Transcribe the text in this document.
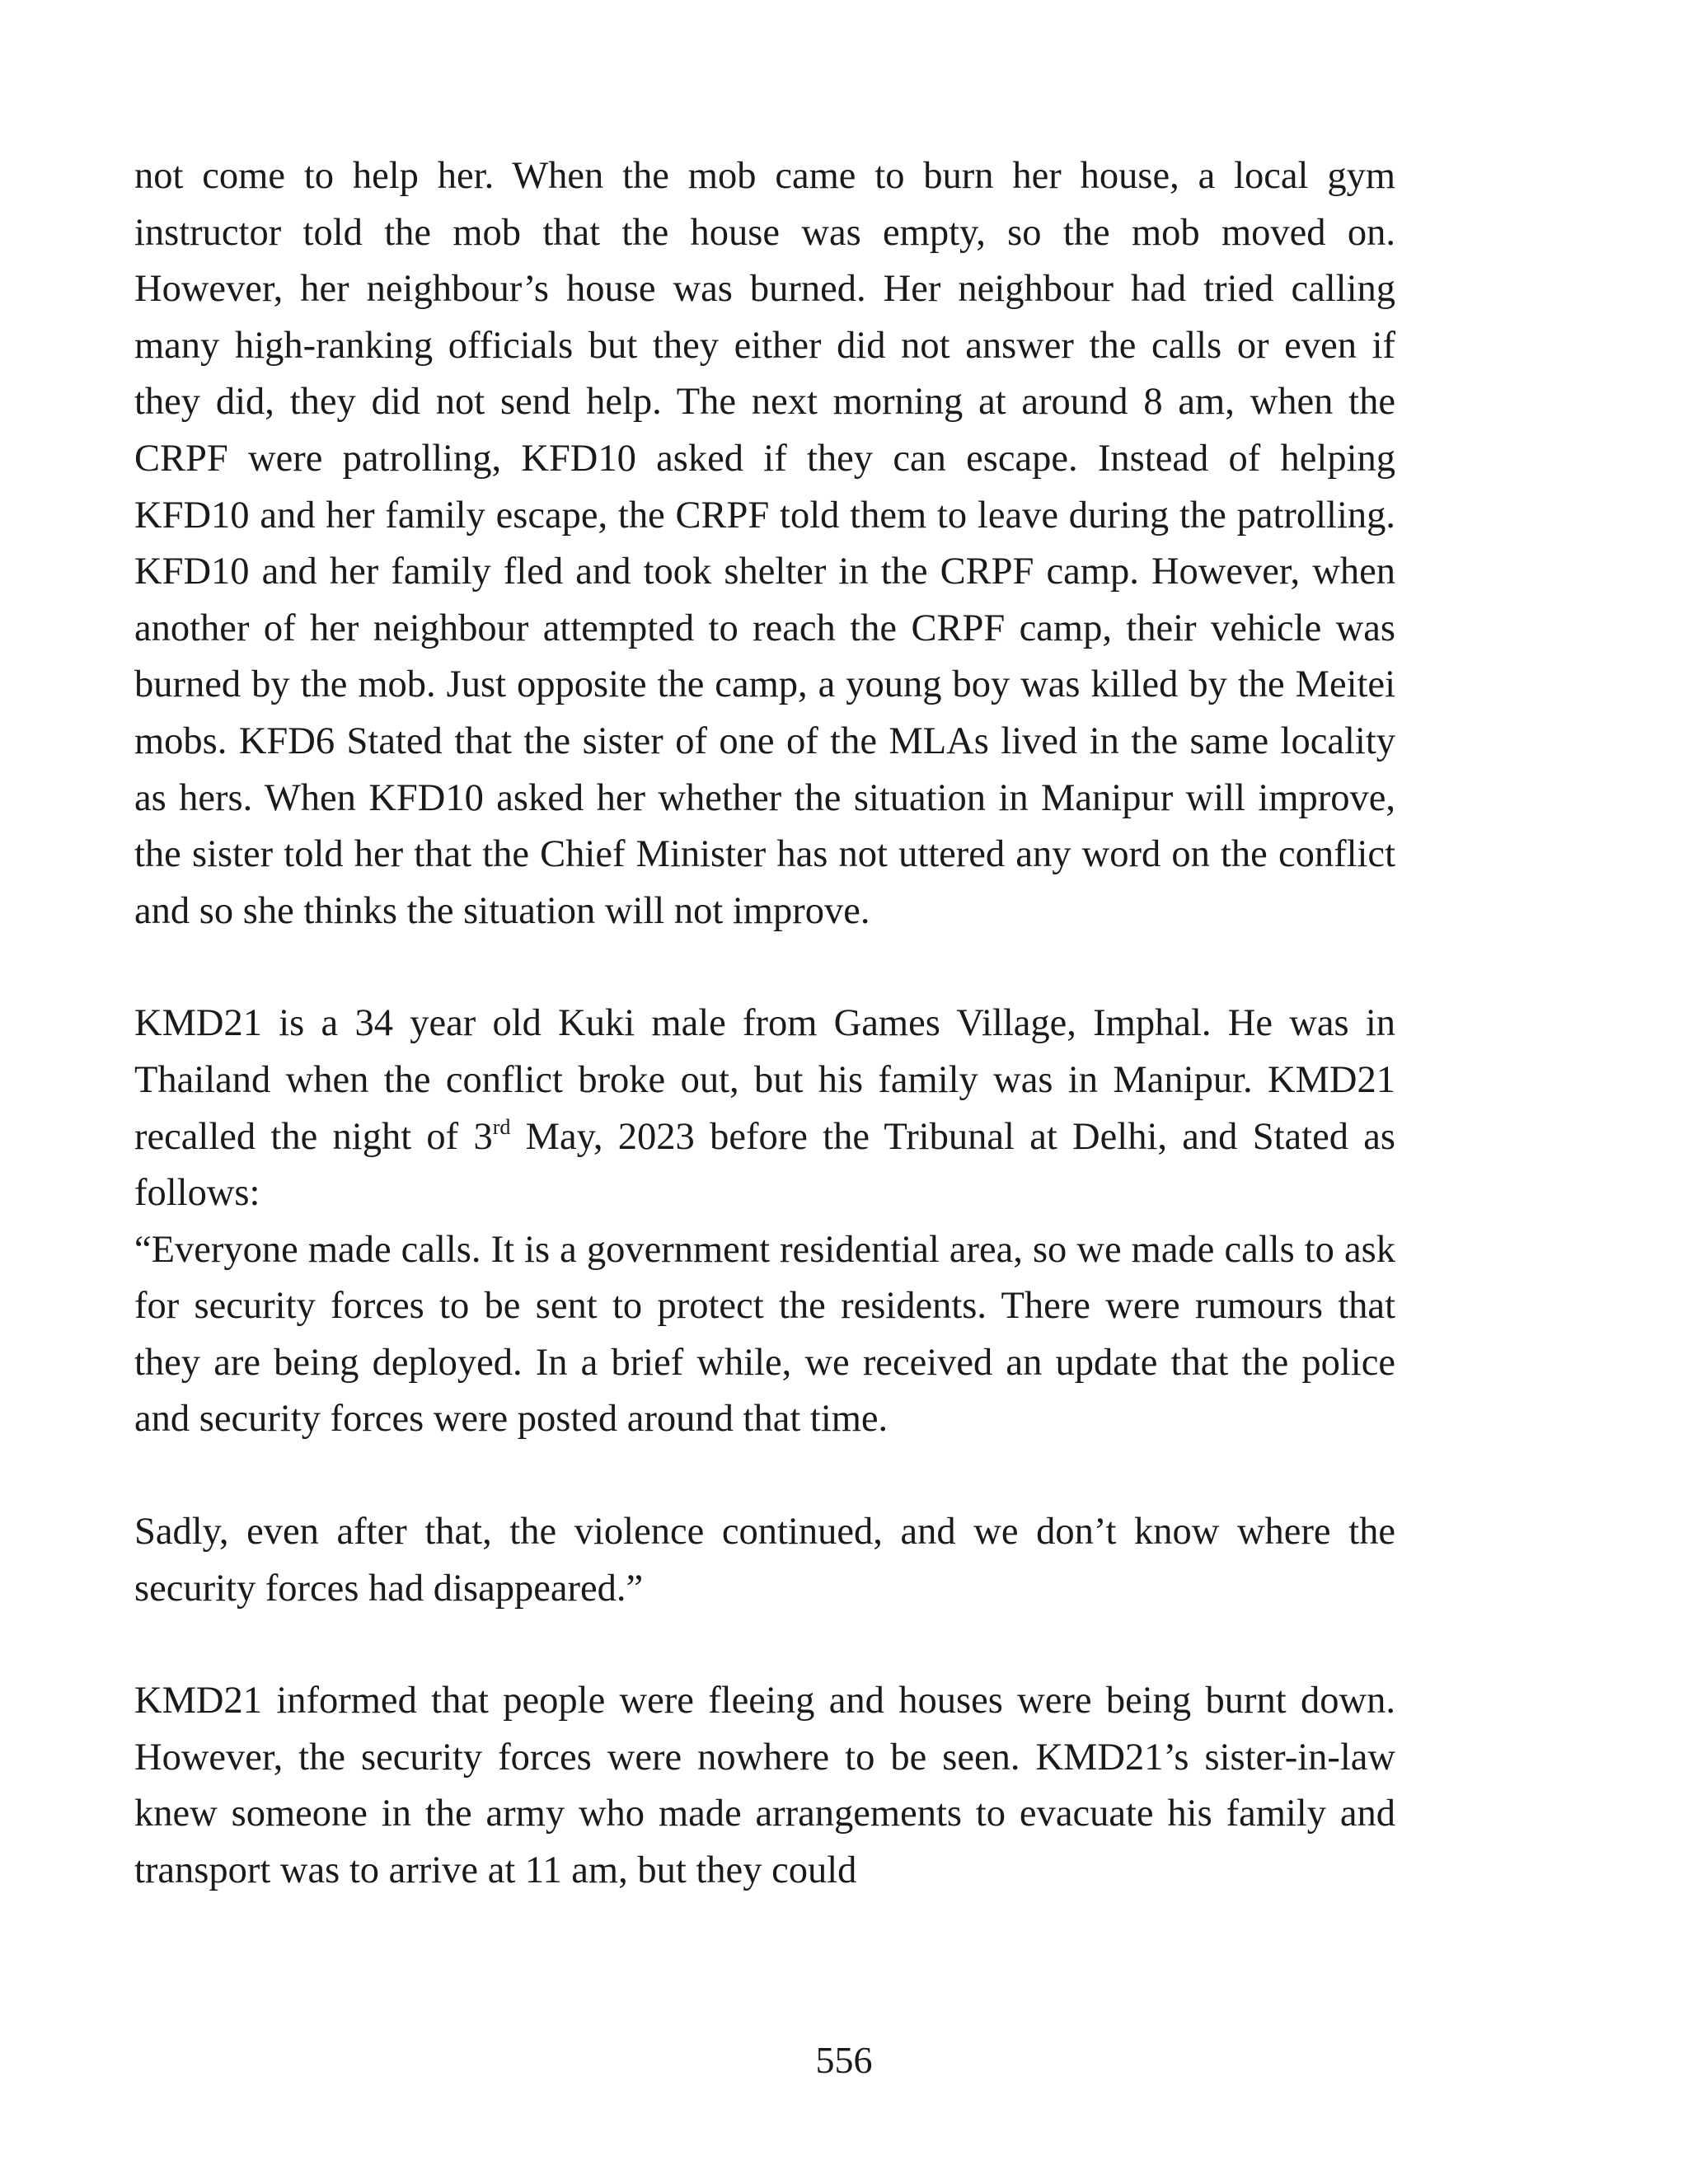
not come to help her. When the mob came to burn her house, a local gym instructor told the mob that the house was empty, so the mob moved on. However, her neighbour’s house was burned. Her neighbour had tried calling many high-ranking officials but they either did not answer the calls or even if they did, they did not send help. The next morning at around 8 am, when the CRPF were patrolling, KFD10 asked if they can escape. Instead of helping KFD10 and her family escape, the CRPF told them to leave during the patrolling. KFD10 and her family fled and took shelter in the CRPF camp. However, when another of her neighbour attempted to reach the CRPF camp, their vehicle was burned by the mob. Just opposite the camp, a young boy was killed by the Meitei mobs. KFD6 Stated that the sister of one of the MLAs lived in the same locality as hers. When KFD10 asked her whether the situation in Manipur will improve, the sister told her that the Chief Minister has not uttered any word on the conflict and so she thinks the situation will not improve.

KMD21 is a 34 year old Kuki male from Games Village, Imphal. He was in Thailand when the conflict broke out, but his family was in Manipur. KMD21 recalled the night of 3rd May, 2023 before the Tribunal at Delhi, and Stated as follows:

“Everyone made calls. It is a government residential area, so we made calls to ask for security forces to be sent to protect the residents. There were rumours that they are being deployed. In a brief while, we received an update that the police and security forces were posted around that time.

Sadly, even after that, the violence continued, and we don’t know where the security forces had disappeared.”

KMD21 informed that people were fleeing and houses were being burnt down. However, the security forces were nowhere to be seen. KMD21’s sister-in-law knew someone in the army who made arrangements to evacuate his family and transport was to arrive at 11 am, but they could

556
